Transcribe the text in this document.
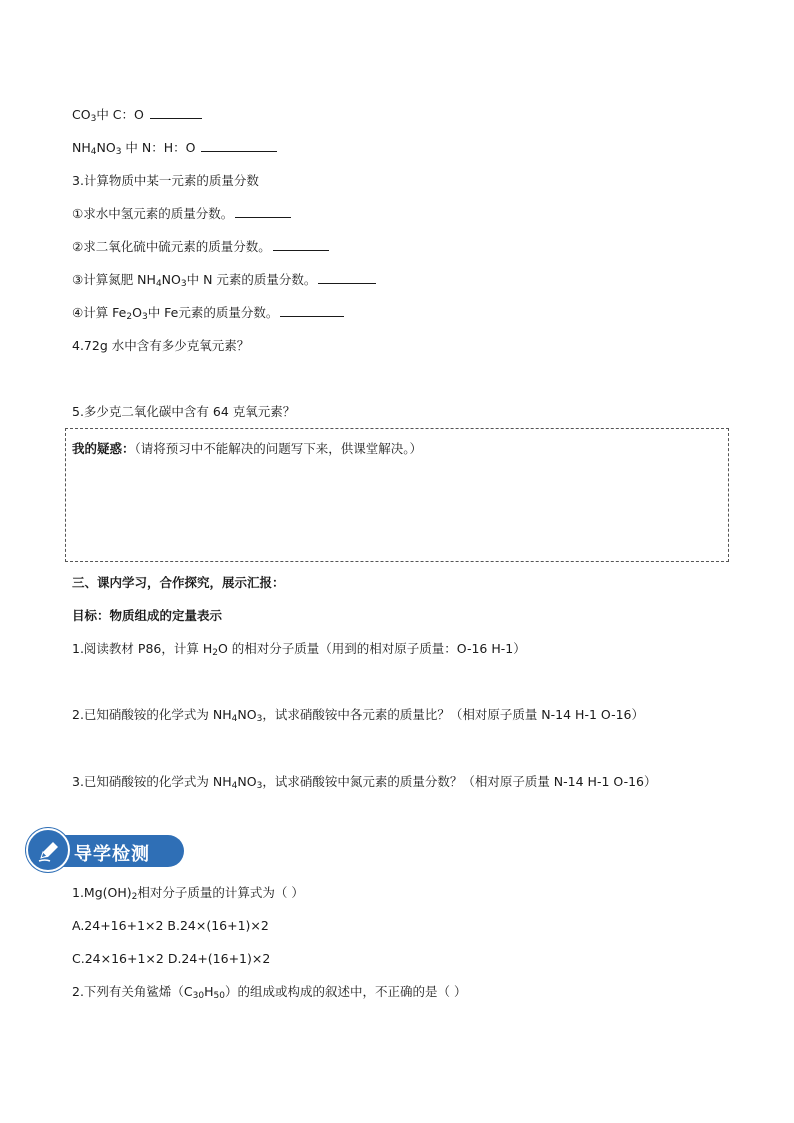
$CO_3$中 C：O
$NH_4NO_3$ 中 N：H：O
3.计算物质中某一元素的质量分数
①求水中氢元素的质量分数。
②求二氧化硫中硫元素的质量分数。
③计算氮肥 $NH_4NO_3$中 N 元素的质量分数。
④计算 $Fe_2O_3$中 Fe元素的质量分数。
4.72g 水中含有多少克氧元素？
5.多少克二氧化碳中含有 64 克氧元素？
我的疑惑：（请将预习中不能解决的问题写下来，供课堂解决。）
三、课内学习，合作探究，展示汇报：
目标：物质组成的定量表示
1.阅读教材 P86，计算 $H_2O$ 的相对分子质量（用到的相对原子质量：O-16 H-1）
2.已知硝酸铵的化学式为 $NH_4NO_3$，试求硝酸铵中各元素的质量比？（相对原子质量 N-14 H-1 O-16）
3.已知硝酸铵的化学式为 $NH_4NO_3$，试求硝酸铵中氮元素的质量分数？（相对原子质量 N-14 H-1 O-16）
导学检测
$1.Mg(OH)_2$相对分子质量的计算式为（ ）
A.24+16+1×2 B.24×(16+1)×2
C.24×16+1×2 D.24+(16+1)×2
2.下列有关角鲨烯$(C_{30}H_{50})$的组成或构成的叙述中，不正确的是（ ）
